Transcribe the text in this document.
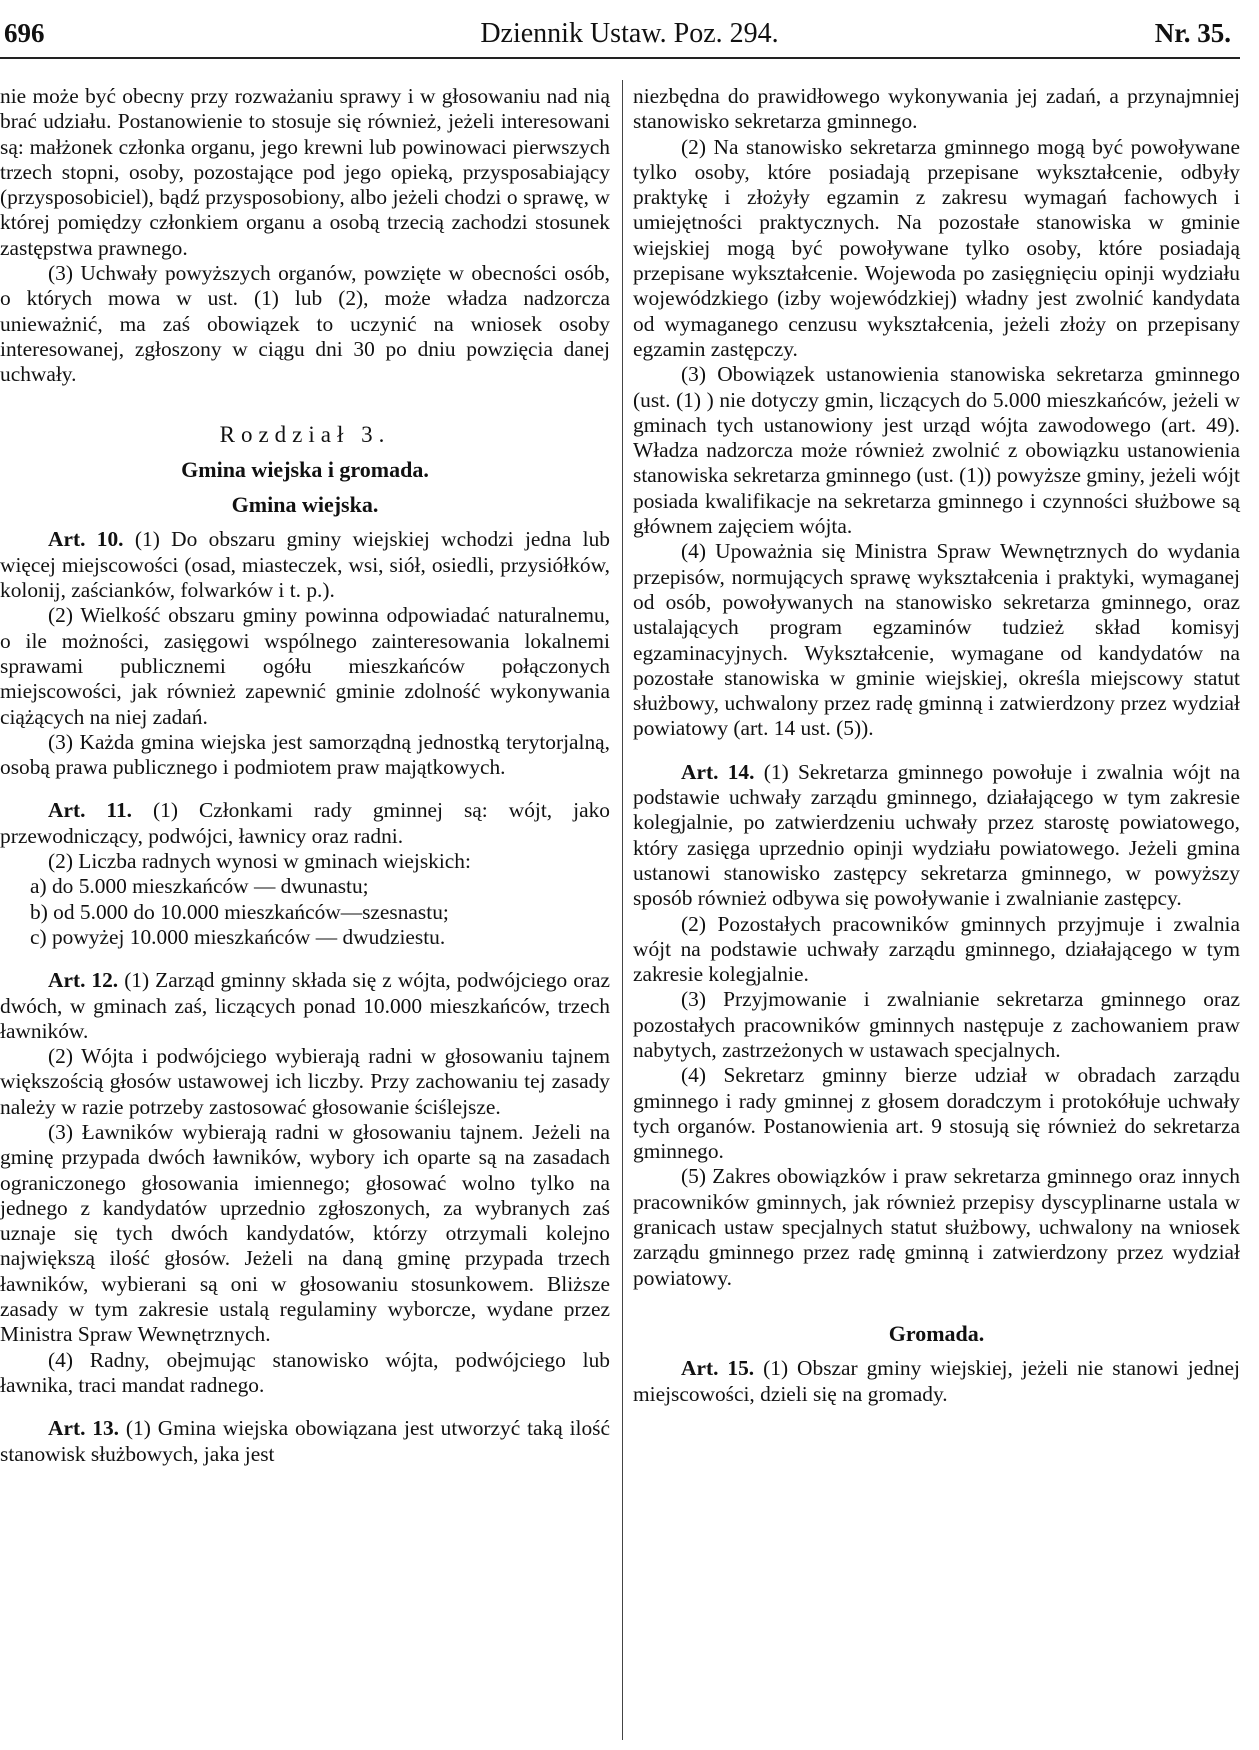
696	Dziennik Ustaw. Poz. 294.	Nr. 35.

nie może być obecny przy rozważaniu sprawy i w głosowaniu nad nią brać udziału. Postanowienie to stosuje się również, jeżeli interesowani są: małżonek członka organu, jego krewni lub powinowaci pierwszych trzech stopni, osoby, pozostające pod jego opieką, przysposabiający (przysposobiciel), bądź przysposobiony, albo jeżeli chodzi o sprawę, w której pomiędzy członkiem organu a osobą trzecią zachodzi stosunek zastępstwa prawnego.

(3) Uchwały powyższych organów, powzięte w obecności osób, o których mowa w ust. (1) lub (2), może władza nadzorcza unieważnić, ma zaś obowiązek to uczynić na wniosek osoby interesowanej, zgłoszony w ciągu dni 30 po dniu powzięcia danej uchwały.

Rozdział 3.
Gmina wiejska i gromada.
Gmina wiejska.

Art. 10. (1) Do obszaru gminy wiejskiej wchodzi jedna lub więcej miejscowości (osad, miasteczek, wsi, siół, osiedli, przysiółków, kolonij, zaścianków, folwarków i t. p.).

(2) Wielkość obszaru gminy powinna odpowiadać naturalnemu, o ile możności, zasięgowi wspólnego zainteresowania lokalnemi sprawami publicznemi ogółu mieszkańców połączonych miejscowości, jak również zapewnić gminie zdolność wykonywania ciążących na niej zadań.

(3) Każda gmina wiejska jest samorządną jednostką terytorjalną, osobą prawa publicznego i podmiotem praw majątkowych.

Art. 11. (1) Członkami rady gminnej są: wójt, jako przewodniczący, podwójci, ławnicy oraz radni.

(2) Liczba radnych wynosi w gminach wiejskich:

a) do 5.000 mieszkańców — dwunastu;

b) od 5.000 do 10.000 mieszkańców—szesnastu;

c) powyżej 10.000 mieszkańców — dwudziestu.

Art. 12. (1) Zarząd gminny składa się z wójta, podwójciego oraz dwóch, w gminach zaś, liczących ponad 10.000 mieszkańców, trzech ławników.

(2) Wójta i podwójciego wybierają radni w głosowaniu tajnem większością głosów ustawowej ich liczby. Przy zachowaniu tej zasady należy w razie potrzeby zastosować głosowanie ściślejsze.

(3) Ławników wybierają radni w głosowaniu tajnem. Jeżeli na gminę przypada dwóch ławników, wybory ich oparte są na zasadach ograniczonego głosowania imiennego; głosować wolno tylko na jednego z kandydatów uprzednio zgłoszonych, za wybranych zaś uznaje się tych dwóch kandydatów, którzy otrzymali kolejno największą ilość głosów. Jeżeli na daną gminę przypada trzech ławników, wybierani są oni w głosowaniu stosunkowem. Bliższe zasady w tym zakresie ustalą regulaminy wyborcze, wydane przez Ministra Spraw Wewnętrznych.

(4) Radny, obejmując stanowisko wójta, podwójciego lub ławnika, traci mandat radnego.

Art. 13. (1) Gmina wiejska obowiązana jest utworzyć taką ilość stanowisk służbowych, jaka jest

niezbędna do prawidłowego wykonywania jej zadań, a przynajmniej stanowisko sekretarza gminnego.

(2) Na stanowisko sekretarza gminnego mogą być powoływane tylko osoby, które posiadają przepisane wykształcenie, odbyły praktykę i złożyły egzamin z zakresu wymagań fachowych i umiejętności praktycznych. Na pozostałe stanowiska w gminie wiejskiej mogą być powoływane tylko osoby, które posiadają przepisane wykształcenie. Wojewoda po zasięgnięciu opinji wydziału wojewódzkiego (izby wojewódzkiej) władny jest zwolnić kandydata od wymaganego cenzusu wykształcenia, jeżeli złoży on przepisany egzamin zastępczy.

(3) Obowiązek ustanowienia stanowiska sekretarza gminnego (ust. (1) ) nie dotyczy gmin, liczących do 5.000 mieszkańców, jeżeli w gminach tych ustanowiony jest urząd wójta zawodowego (art. 49). Władza nadzorcza może również zwolnić z obowiązku ustanowienia stanowiska sekretarza gminnego (ust. (1)) powyższe gminy, jeżeli wójt posiada kwalifikacje na sekretarza gminnego i czynności służbowe są głównem zajęciem wójta.

(4) Upoważnia się Ministra Spraw Wewnętrznych do wydania przepisów, normujących sprawę wykształcenia i praktyki, wymaganej od osób, powoływanych na stanowisko sekretarza gminnego, oraz ustalających program egzaminów tudzież skład komisyj egzaminacyjnych. Wykształcenie, wymagane od kandydatów na pozostałe stanowiska w gminie wiejskiej, określa miejscowy statut służbowy, uchwalony przez radę gminną i zatwierdzony przez wydział powiatowy (art. 14 ust. (5)).

Art. 14. (1) Sekretarza gminnego powołuje i zwalnia wójt na podstawie uchwały zarządu gminnego, działającego w tym zakresie kolegjalnie, po zatwierdzeniu uchwały przez starostę powiatowego, który zasięga uprzednio opinji wydziału powiatowego. Jeżeli gmina ustanowi stanowisko zastępcy sekretarza gminnego, w powyższy sposób również odbywa się powoływanie i zwalnianie zastępcy.

(2) Pozostałych pracowników gminnych przyjmuje i zwalnia wójt na podstawie uchwały zarządu gminnego, działającego w tym zakresie kolegjalnie.

(3) Przyjmowanie i zwalnianie sekretarza gminnego oraz pozostałych pracowników gminnych następuje z zachowaniem praw nabytych, zastrzeżonych w ustawach specjalnych.

(4) Sekretarz gminny bierze udział w obradach zarządu gminnego i rady gminnej z głosem doradczym i protokółuje uchwały tych organów. Postanowienia art. 9 stosują się również do sekretarza gminnego.

(5) Zakres obowiązków i praw sekretarza gminnego oraz innych pracowników gminnych, jak również przepisy dyscyplinarne ustala w granicach ustaw specjalnych statut służbowy, uchwalony na wniosek zarządu gminnego przez radę gminną i zatwierdzony przez wydział powiatowy.

Gromada.

Art. 15. (1) Obszar gminy wiejskiej, jeżeli nie stanowi jednej miejscowości, dzieli się na gromady.
